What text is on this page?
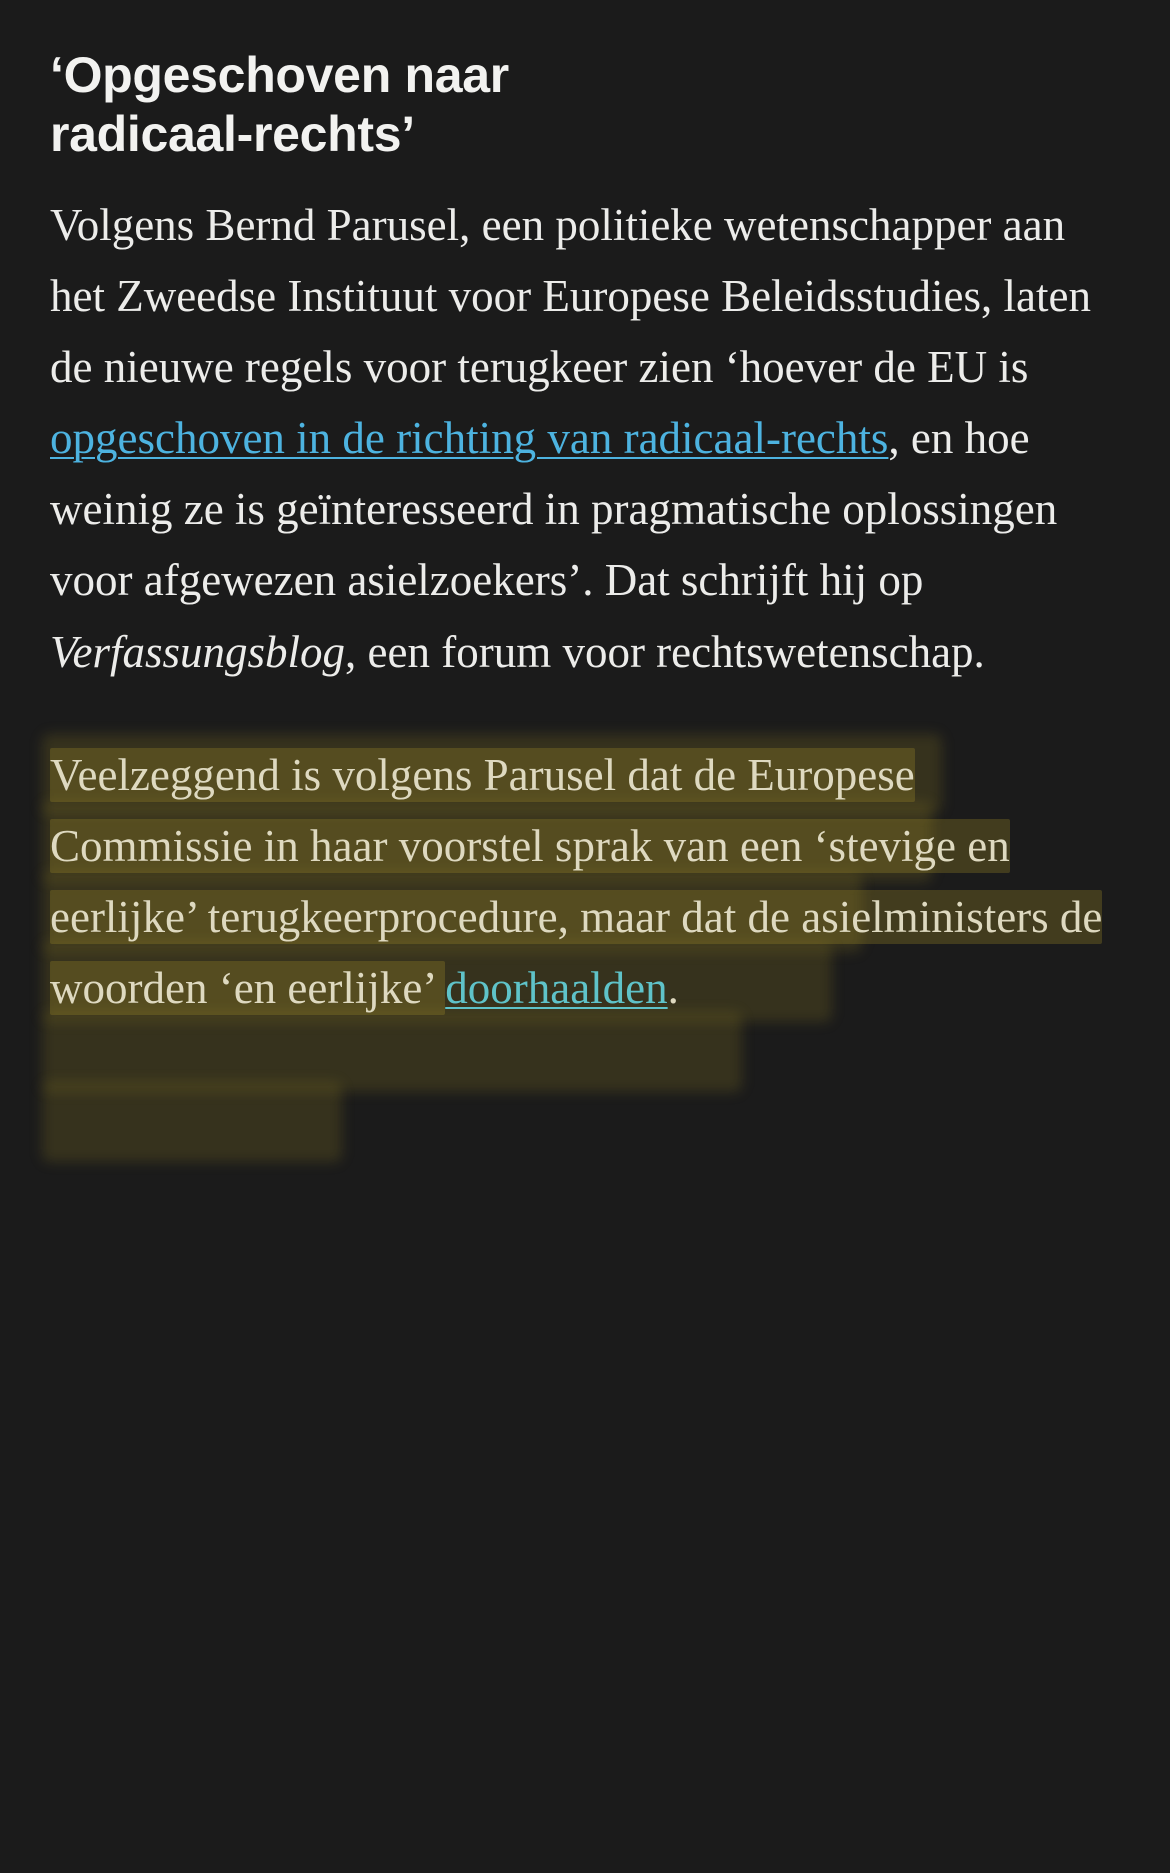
‘Opgeschoven naar radicaal-rechts’

Volgens Bernd Parusel, een politieke wetenschapper aan het Zweedse Instituut voor Europese Beleidsstudies, laten de nieuwe regels voor terugkeer zien ‘hoever de EU is opgeschoven in de richting van radicaal-rechts, en hoe weinig ze is geïnteresseerd in pragmatische oplossingen voor afgewezen asielzoekers’. Dat schrijft hij op Verfassungsblog, een forum voor rechtswetenschap.

Veelzeggend is volgens Parusel dat de Europese Commissie in haar voorstel sprak van een ‘stevige en eerlijke’ terugkeerprocedure, maar dat de asielministers de woorden ‘en eerlijke’ doorhaalden.
